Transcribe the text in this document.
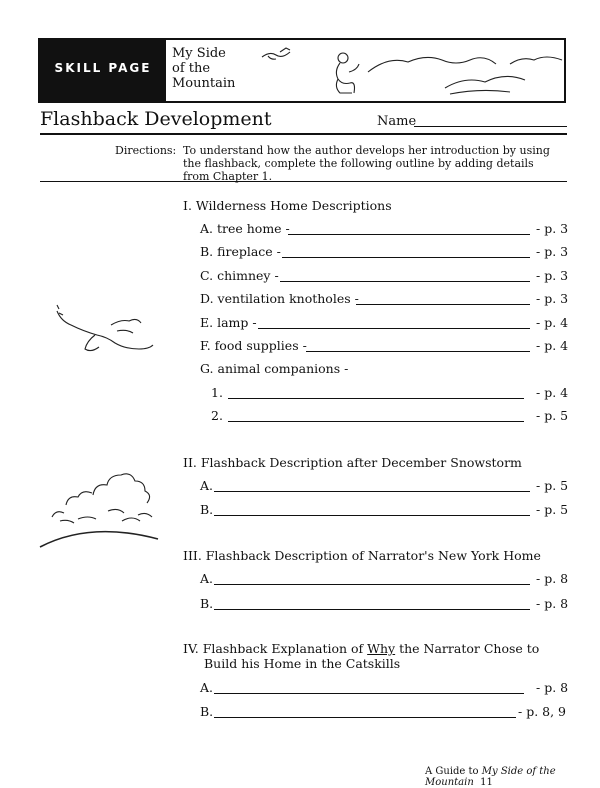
SKILL PAGE
My Side
of the
Mountain
Flashback Development	Name
Directions: To understand how the author develops her introduction by using the flashback, complete the following outline by adding details from Chapter 1.
I. Wilderness Home Descriptions
A. tree home -	- p. 3
B. fireplace -	- p. 3
C. chimney -	- p. 3
D. ventilation knotholes -	- p. 3
E. lamp -	- p. 4
F. food supplies -	- p. 4
G. animal companions -
1.	- p. 4
2.	- p. 5
II. Flashback Description after December Snowstorm
A.	- p. 5
B.	- p. 5
III. Flashback Description of Narrator's New York Home
A.	- p. 8
B.	- p. 8
IV. Flashback Explanation of Why the Narrator Chose to
Build his Home in the Catskills
A.	- p. 8
B.	- p. 8, 9
A Guide to My Side of the Mountain 11
